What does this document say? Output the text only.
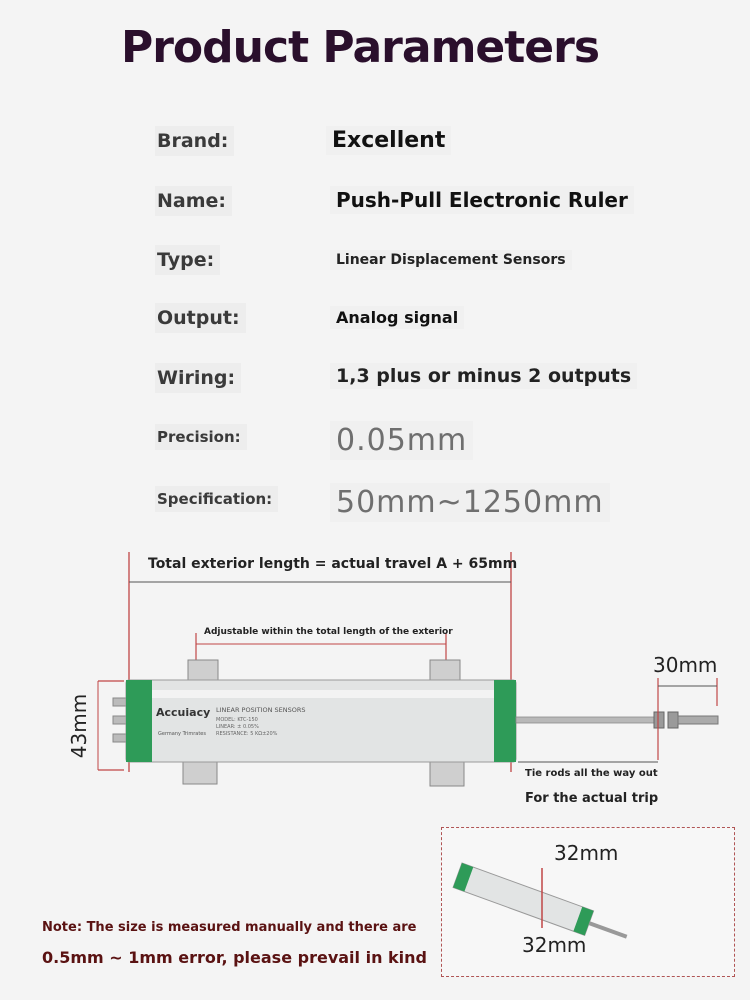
Product Parameters
Brand:	Excellent
Name:	Push-Pull Electronic Ruler
Type:	Linear Displacement Sensors
Output:	Analog signal
Wiring:	1,3 plus or minus 2 outputs
Precision:	0.05mm
Specification: 50mm~1250mm
Total exterior length = actual travel A + 65mm
Adjustable within the total length of the exterior
43mm	Accuiacy
Germany Trimrates
LINEAR POSITION SENSORS
MODEL: KTC-150
LINEAR: ± 0.05%
RESISTANCE: 5 KΩ±20%
30mm
Tie rods all the way out
For the actual trip
32mm
32mm
Note: The size is measured manually and there are
0.5mm ~ 1mm error, please prevail in kind
